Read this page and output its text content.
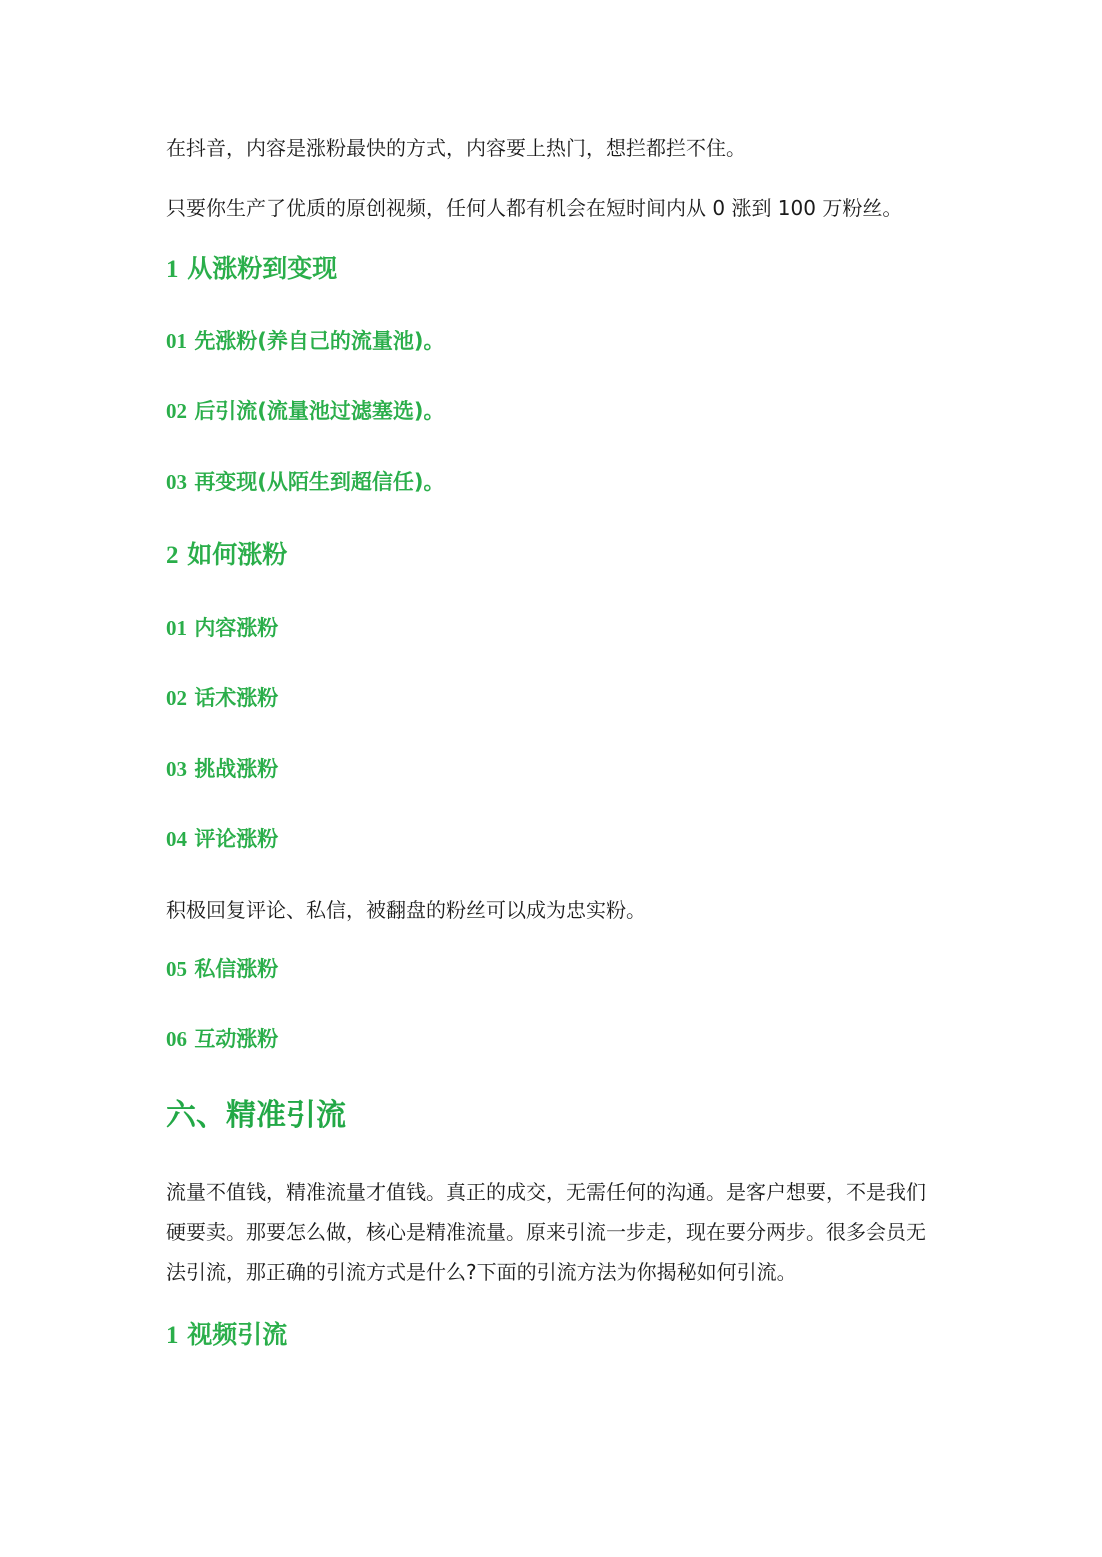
在抖音，内容是涨粉最快的方式，内容要上热门，想拦都拦不住。

只要你生产了优质的原创视频，任何人都有机会在短时间内从 0 涨到 100 万粉丝。

1 从涨粉到变现
01 先涨粉(养自己的流量池)。
02 后引流(流量池过滤塞选)。
03 再变现(从陌生到超信任)。
2 如何涨粉
01 内容涨粉
02 话术涨粉
03 挑战涨粉
04 评论涨粉

积极回复评论、私信，被翻盘的粉丝可以成为忠实粉。

05 私信涨粉
06 互动涨粉
六、精准引流
流量不值钱，精准流量才值钱。真正的成交，无需任何的沟通。是客户想要，不是我们
硬要卖。那要怎么做，核心是精准流量。原来引流一步走，现在要分两步。很多会员无
法引流，那正确的引流方式是什么?下面的引流方法为你揭秘如何引流。
1 视频引流
